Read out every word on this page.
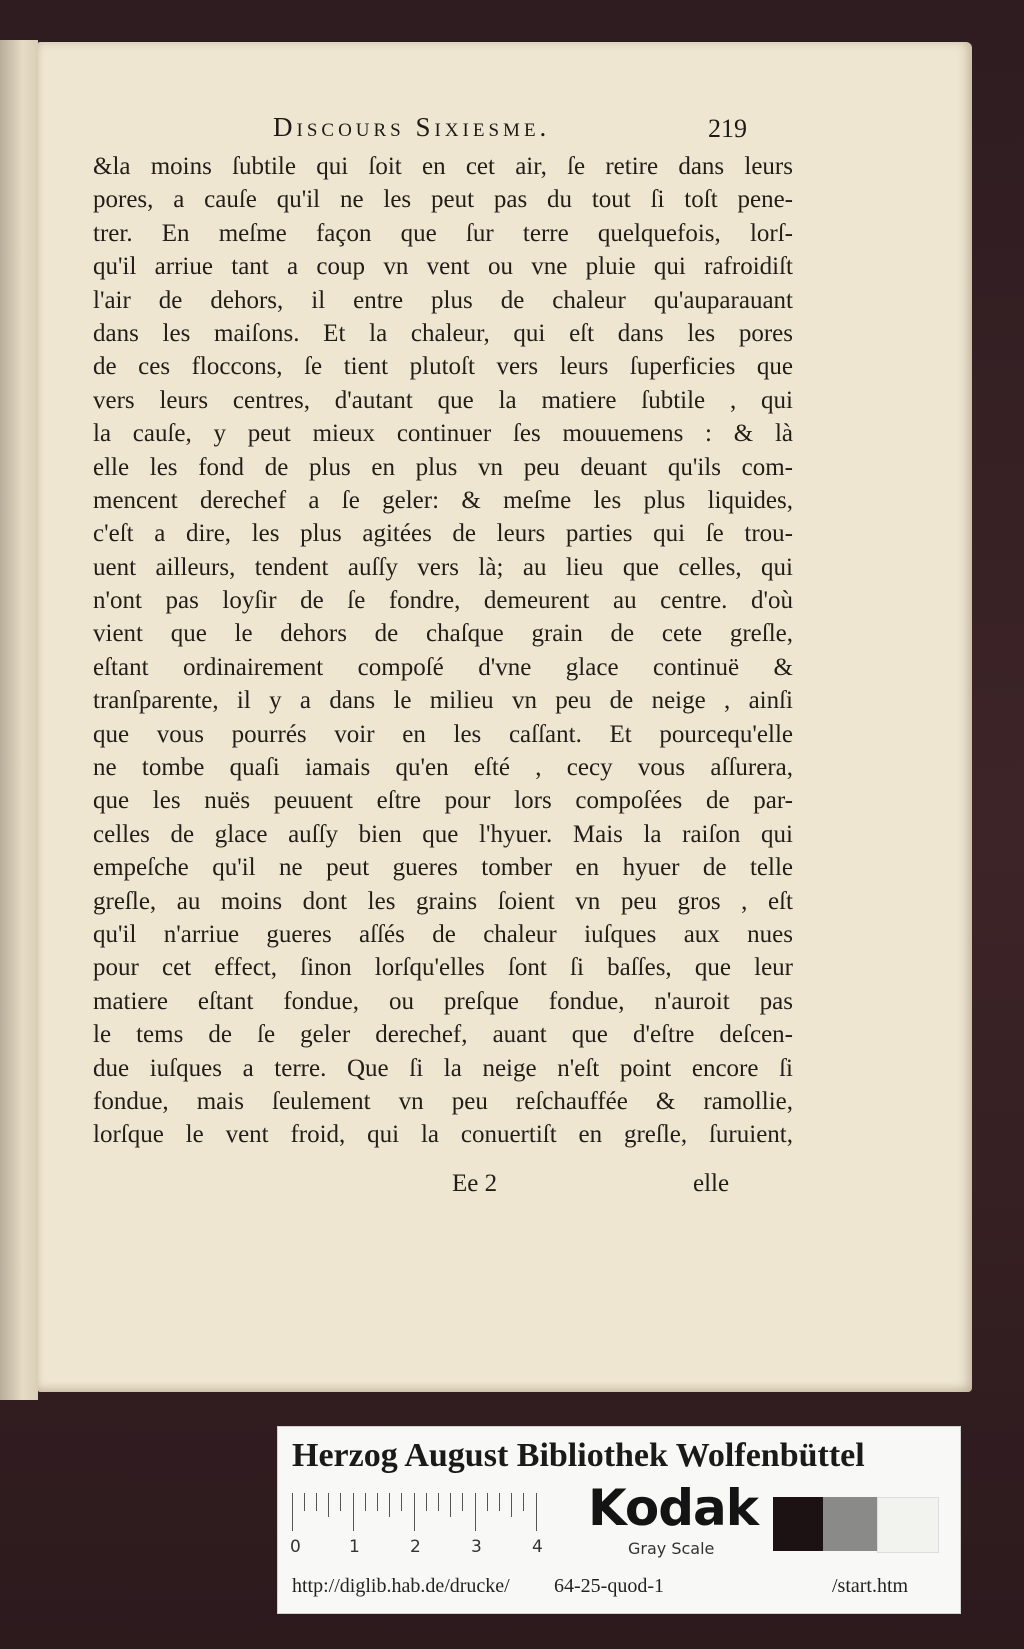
Discours Sixiesme.	219
&la moins ſubtile qui ſoit en cet air, ſe retire dans leurs
pores, a cauſe qu'il ne les peut pas du tout ſi toſt pene-
trer. En meſme façon que ſur terre quelquefois, lorſ-
qu'il arriue tant a coup vn vent ou vne pluie qui rafroidiſt
l'air de dehors, il entre plus de chaleur qu'auparauant
dans les maiſons. Et la chaleur, qui eſt dans les pores
de ces floccons, ſe tient plutoſt vers leurs ſuperficies que
vers leurs centres, d'autant que la matiere ſubtile , qui
la cauſe, y peut mieux continuer ſes mouuemens : & là
elle les fond de plus en plus vn peu deuant qu'ils com-
mencent derechef a ſe geler: & meſme les plus liquides,
c'eſt a dire, les plus agitées de leurs parties qui ſe trou-
uent ailleurs, tendent auſſy vers là; au lieu que celles, qui
n'ont pas loyſir de ſe fondre, demeurent au centre. d'où
vient que le dehors de chaſque grain de cete greſle,
eſtant ordinairement compoſé d'vne glace continuë &
tranſparente, il y a dans le milieu vn peu de neige , ainſi
que vous pourrés voir en les caſſant. Et pourcequ'elle
ne tombe quaſi iamais qu'en eſté , cecy vous aſſurera,
que les nuës peuuent eſtre pour lors compoſées de par-
celles de glace auſſy bien que l'hyuer. Mais la raiſon qui
empeſche qu'il ne peut gueres tomber en hyuer de telle
greſle, au moins dont les grains ſoient vn peu gros , eſt
qu'il n'arriue gueres aſſés de chaleur iuſques aux nues
pour cet effect, ſinon lorſqu'elles ſont ſi baſſes, que leur
matiere eſtant fondue, ou preſque fondue, n'auroit pas
le tems de ſe geler derechef, auant que d'eſtre deſcen-
due iuſques a terre. Que ſi la neige n'eſt point encore ſi
fondue, mais ſeulement vn peu reſchauffée & ramollie,
lorſque le vent froid, qui la conuertiſt en greſle, ſuruient,
Ee 2	elle
Herzog August Bibliothek Wolfenbüttel
0	1	2	3	4
Kodak
Gray Scale
http://diglib.hab.de/drucke/ 64-25-quod-1	/start.htm
